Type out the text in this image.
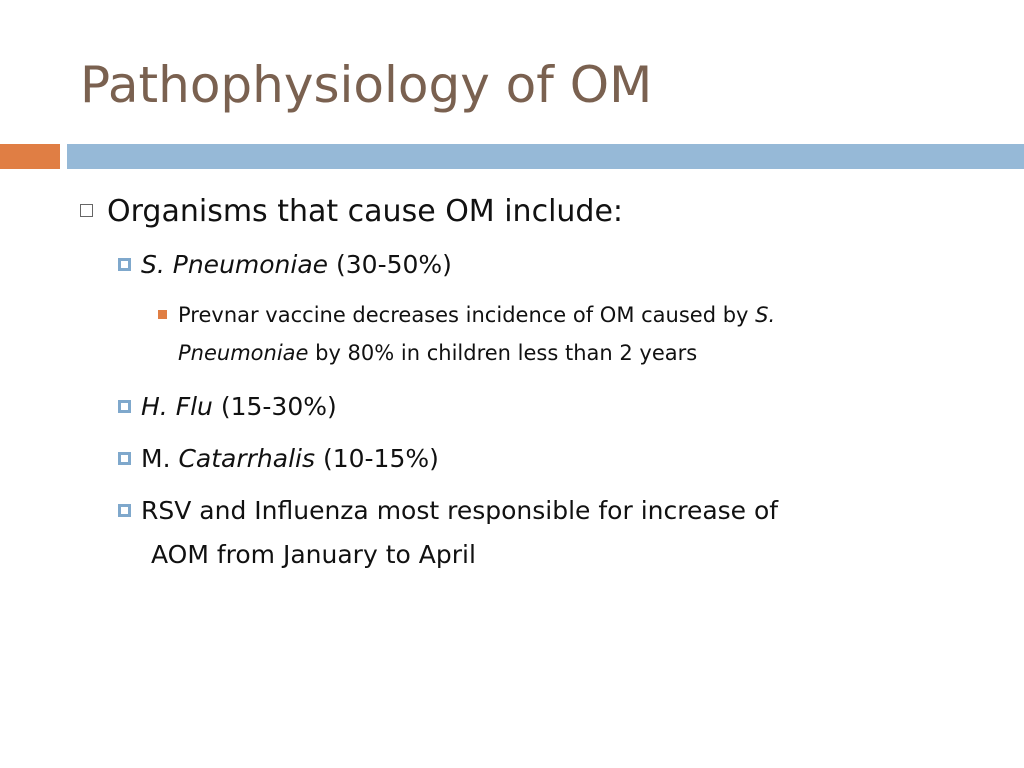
Pathophysiology of OM
Organisms that cause OM include:
S. Pneumoniae (30-50%)
Prevnar vaccine decreases incidence of OM caused by S.
Pneumoniae by 80% in children less than 2 years
H. Flu (15-30%)
M. Catarrhalis (10-15%)
RSV and Influenza most responsible for increase of
AOM from January to April
